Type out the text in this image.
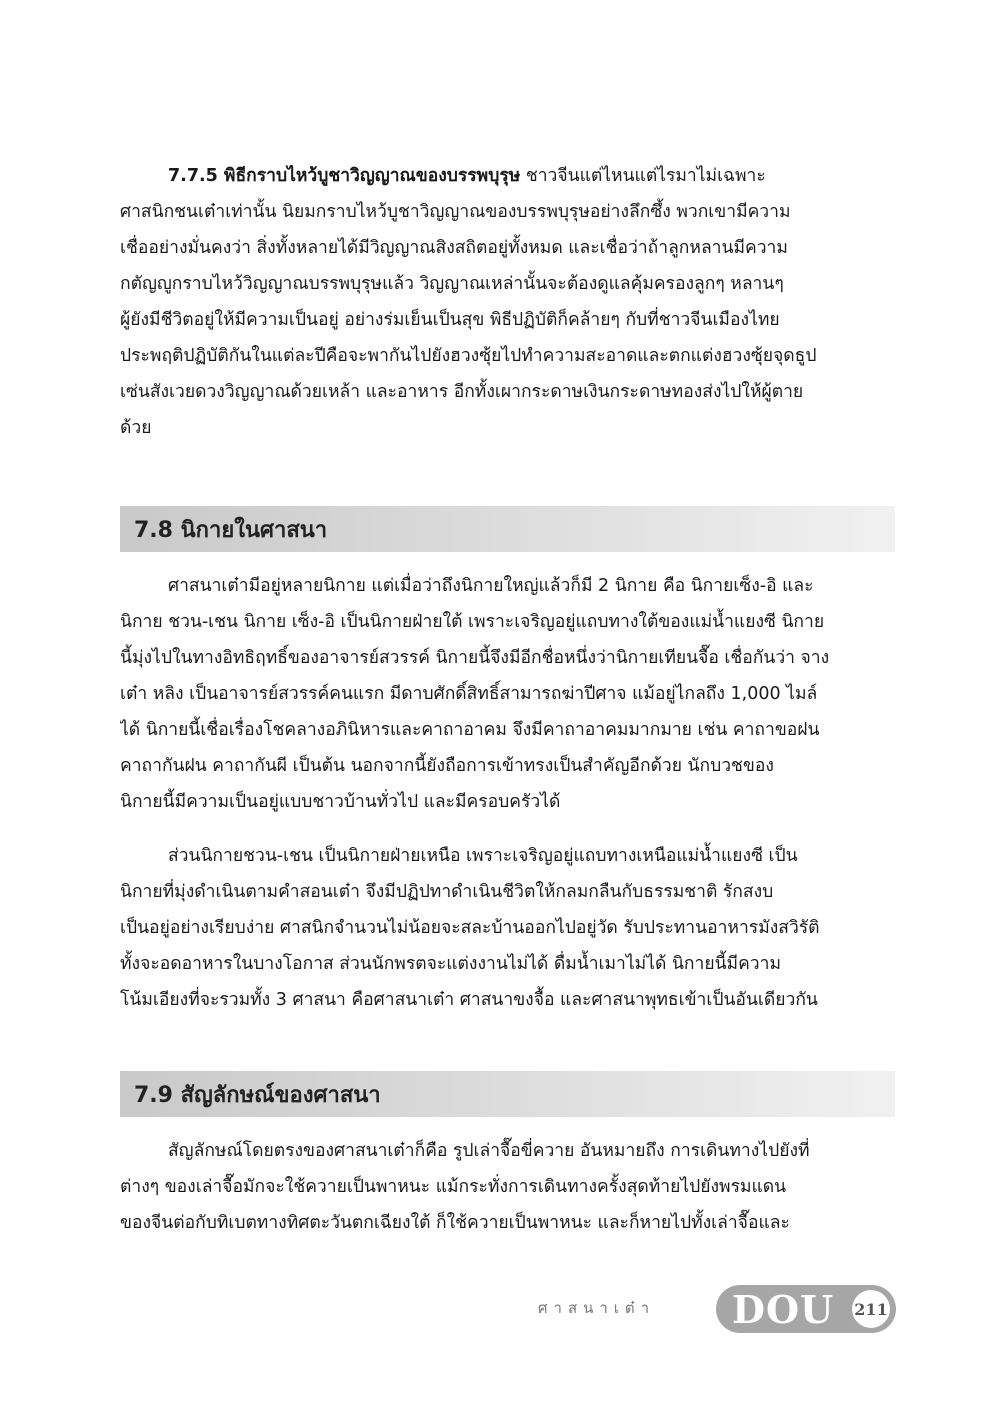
7.7.5 พิธีกราบไหว้บูชาวิญญาณของบรรพบุรุษ ชาวจีนแต่ไหนแต่ไรมาไม่เฉพาะ
ศาสนิกชนเต๋าเท่านั้น นิยมกราบไหว้บูชาวิญญาณของบรรพบุรุษอย่างลึกซึ้ง พวกเขามีความ
เชื่ออย่างมั่นคงว่า สิ่งทั้งหลายได้มีวิญญาณสิงสถิตอยู่ทั้งหมด และเชื่อว่าถ้าลูกหลานมีความ
กตัญญูกราบไหว้วิญญาณบรรพบุรุษแล้ว วิญญาณเหล่านั้นจะต้องดูแลคุ้มครองลูกๆ หลานๆ
ผู้ยังมีชีวิตอยู่ให้มีความเป็นอยู่ อย่างร่มเย็นเป็นสุข พิธีปฏิบัติก็คล้ายๆ กับที่ชาวจีนเมืองไทย
ประพฤติปฏิบัติกันในแต่ละปีคือจะพากันไปยังฮวงซุ้ยไปทำความสะอาดและตกแต่งฮวงซุ้ยจุดธูป
เซ่นสังเวยดวงวิญญาณด้วยเหล้า และอาหาร อีกทั้งเผากระดาษเงินกระดาษทองส่งไปให้ผู้ตาย
ด้วย
7.8 นิกายในศาสนา
ศาสนาเต๋ามีอยู่หลายนิกาย แต่เมื่อว่าถึงนิกายใหญ่แล้วก็มี 2 นิกาย คือ นิกายเซ็ง-อิ และ
นิกาย ชวน-เชน นิกาย เซ็ง-อิ เป็นนิกายฝ่ายใต้ เพราะเจริญอยู่แถบทางใต้ของแม่น้ำแยงซี นิกาย
นี้มุ่งไปในทางอิทธิฤทธิ์ของอาจารย์สวรรค์ นิกายนี้จึงมีอีกชื่อหนึ่งว่านิกายเทียนจื๊อ เชื่อกันว่า จาง
เต๋า หลิง เป็นอาจารย์สวรรค์คนแรก มีดาบศักดิ์สิทธิ์สามารถฆ่าปีศาจ แม้อยู่ไกลถึง 1,000 ไมล์
ได้ นิกายนี้เชื่อเรื่องโชคลางอภินิหารและคาถาอาคม จึงมีคาถาอาคมมากมาย เช่น คาถาขอฝน
คาถากันฝน คาถากันผี เป็นต้น นอกจากนี้ยังถือการเข้าทรงเป็นสำคัญอีกด้วย นักบวชของ
นิกายนี้มีความเป็นอยู่แบบชาวบ้านทั่วไป และมีครอบครัวได้
ส่วนนิกายชวน-เชน เป็นนิกายฝ่ายเหนือ เพราะเจริญอยู่แถบทางเหนือแม่น้ำแยงซี เป็น
นิกายที่มุ่งดำเนินตามคำสอนเต๋า จึงมีปฏิปทาดำเนินชีวิตให้กลมกลืนกับธรรมชาติ รักสงบ
เป็นอยู่อย่างเรียบง่าย ศาสนิกจำนวนไม่น้อยจะสละบ้านออกไปอยู่วัด รับประทานอาหารมังสวิรัติ
ทั้งจะอดอาหารในบางโอกาส ส่วนนักพรตจะแต่งงานไม่ได้ ดื่มน้ำเมาไม่ได้ นิกายนี้มีความ
โน้มเอียงที่จะรวมทั้ง 3 ศาสนา คือศาสนาเต๋า ศาสนาขงจื้อ และศาสนาพุทธเข้าเป็นอันเดียวกัน
7.9 สัญลักษณ์ของศาสนา
สัญลักษณ์โดยตรงของศาสนาเต๋าก็คือ รูปเล่าจื๊อขี่ควาย อันหมายถึง การเดินทางไปยังที่
ต่างๆ ของเล่าจื๊อมักจะใช้ควายเป็นพาหนะ แม้กระทั่งการเดินทางครั้งสุดท้ายไปยังพรมแดน
ของจีนต่อกับทิเบตทางทิศตะวันตกเฉียงใต้ ก็ใช้ควายเป็นพาหนะ และก็หายไปทั้งเล่าจื๊อและ
ศาสนาเต๋า DOU 211
